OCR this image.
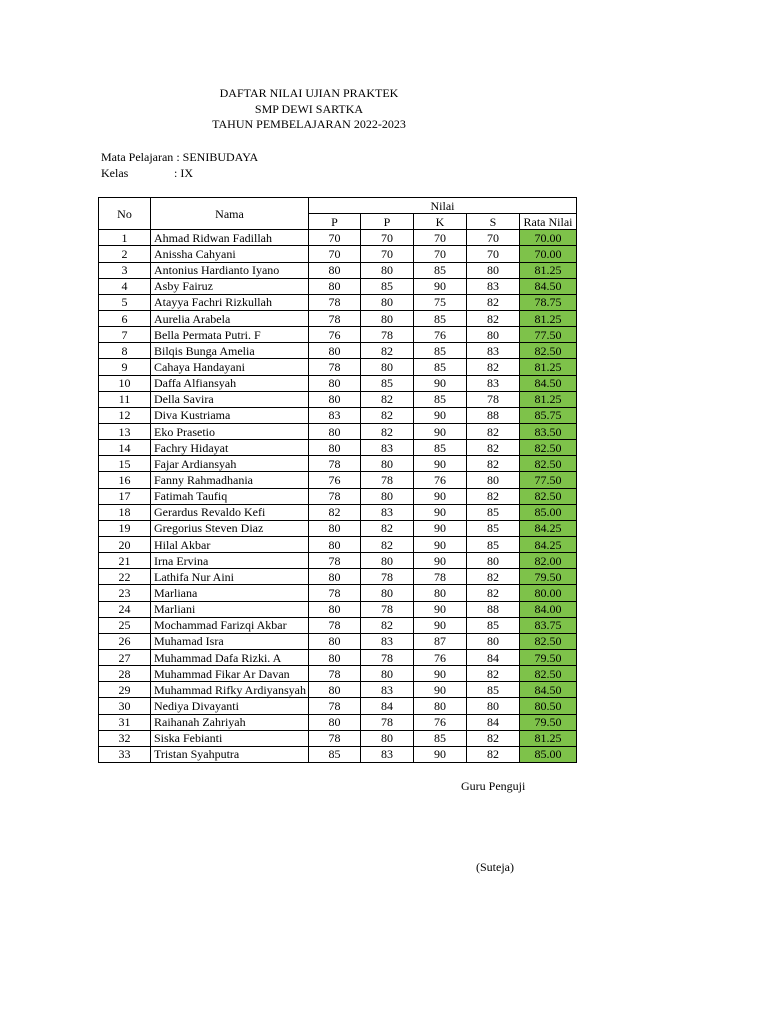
DAFTAR NILAI UJIAN PRAKTEK
SMP DEWI SARTKA
TAHUN PEMBELAJARAN 2022-2023
Mata Pelajaran : SENIBUDAYA
Kelas	: IX
No	Nama	Nilai				
		P	P	K	S	Rata Nilai
1	Ahmad Ridwan Fadillah	70	70	70	70	70.00
2	Anissha Cahyani	70	70	70	70	70.00
3	Antonius Hardianto Iyano	80	80	85	80	81.25
4	Asby Fairuz	80	85	90	83	84.50
5	Atayya Fachri Rizkullah	78	80	75	82	78.75
6	Aurelia Arabela	78	80	85	82	81.25
7	Bella Permata Putri. F	76	78	76	80	77.50
8	Bilqis Bunga Amelia	80	82	85	83	82.50
9	Cahaya Handayani	78	80	85	82	81.25
10	Daffa Alfiansyah	80	85	90	83	84.50
11	Della Savira	80	82	85	78	81.25
12	Diva Kustriama	83	82	90	88	85.75
13	Eko Prasetio	80	82	90	82	83.50
14	Fachry Hidayat	80	83	85	82	82.50
15	Fajar Ardiansyah	78	80	90	82	82.50
16	Fanny Rahmadhania	76	78	76	80	77.50
17	Fatimah Taufiq	78	80	90	82	82.50
18	Gerardus Revaldo Kefi	82	83	90	85	85.00
19	Gregorius Steven Diaz	80	82	90	85	84.25
20	Hilal Akbar	80	82	90	85	84.25
21	Irna Ervina	78	80	90	80	82.00
22	Lathifa Nur Aini	80	78	78	82	79.50
23	Marliana	78	80	80	82	80.00
24	Marliani	80	78	90	88	84.00
25	Mochammad Farizqi Akbar	78	82	90	85	83.75
26	Muhamad Isra	80	83	87	80	82.50
27	Muhammad Dafa Rizki. A	80	78	76	84	79.50
28	Muhammad Fikar Ar Davan	78	80	90	82	82.50
29	Muhammad Rifky Ardiyansyah	80	83	90	85	84.50
30	Nediya Divayanti	78	84	80	80	80.50
31	Raihanah Zahriyah	80	78	76	84	79.50
32	Siska Febianti	78	80	85	82	81.25
33	Tristan Syahputra	85	83	90	82	85.00
Guru Penguji
(Suteja)
